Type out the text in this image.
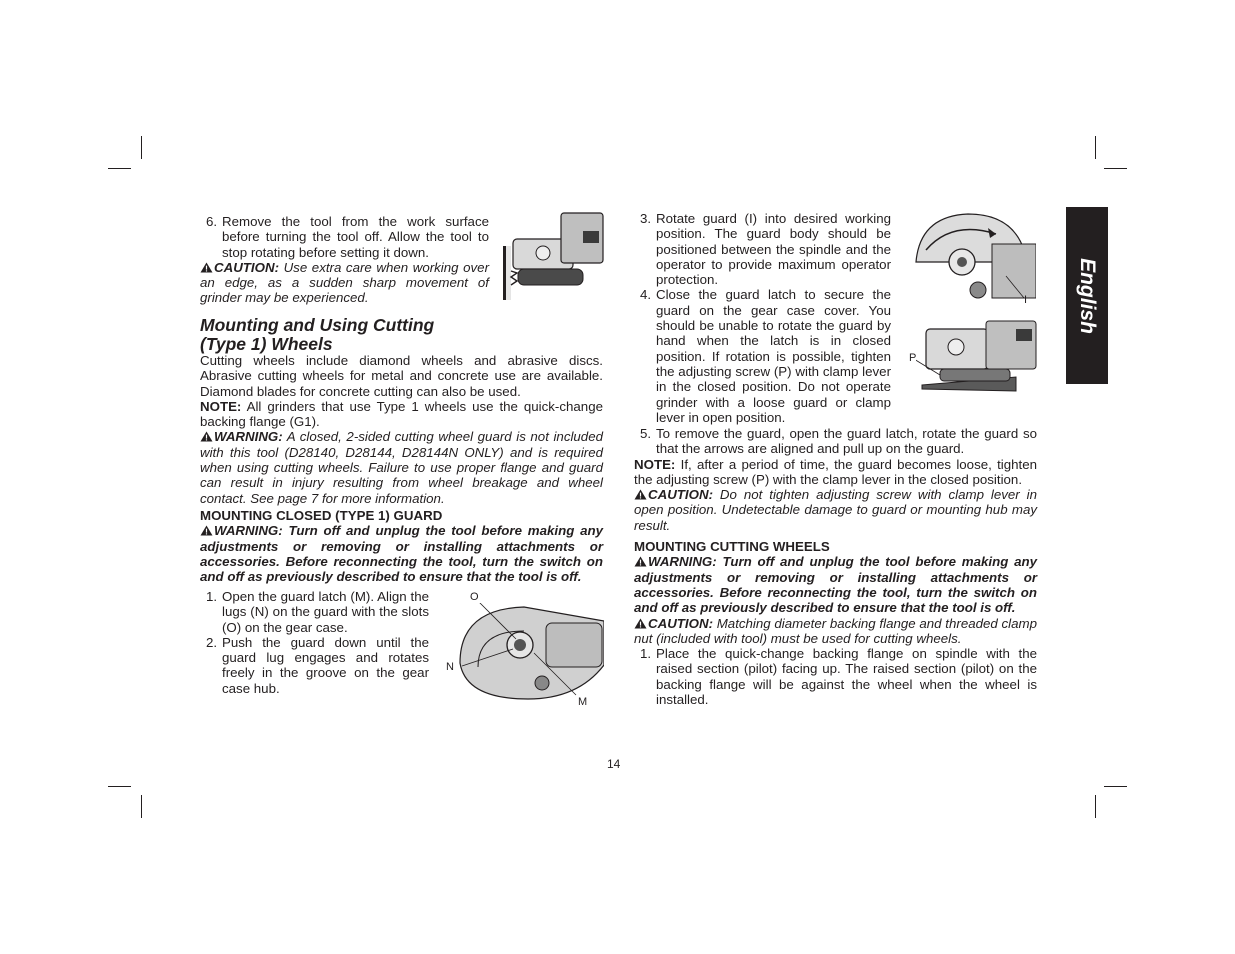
English

6. Remove the tool from the work surface before turning the tool off. Allow the tool to stop rotating before setting it down.

CAUTION: Use extra care when working over an edge, as a sudden sharp movement of grinder may be experienced.

Mounting and Using Cutting
(Type 1) Wheels

Cutting wheels include diamond wheels and abrasive discs. Abrasive cutting wheels for metal and concrete use are available. Diamond blades for concrete cutting can also be used.

NOTE: All grinders that use Type 1 wheels use the quick-change backing flange (G1).

WARNING: A closed, 2-sided cutting wheel guard is not included with this tool (D28140, D28144, D28144N ONLY) and is required when using cutting wheels. Failure to use proper flange and guard can result in injury resulting from wheel breakage and wheel contact. See page 7 for more information.

MOUNTING CLOSED (TYPE 1) GUARD

WARNING: Turn off and unplug the tool before making any adjustments or removing or installing attachments or accessories. Before reconnecting the tool, turn the switch on and off as previously described to ensure that the tool is off.

1. Open the guard latch (M). Align the lugs (N) on the guard with the slots (O) on the gear case.

2. Push the guard down until the guard lug engages and rotates freely in the groove on the gear case hub.

O
N
M

3. Rotate guard (I) into desired working position. The guard body should be positioned between the spindle and the operator to provide maximum operator protection.

4. Close the guard latch to secure the guard on the gear case cover. You should be unable to rotate the guard by hand when the latch is in closed position. If rotation is possible, tighten the adjusting screw (P) with clamp lever in the closed position. Do not operate grinder with a loose guard or clamp lever in open position.

I
P

5. To remove the guard, open the guard latch, rotate the guard so that the arrows are aligned and pull up on the guard.

NOTE: If, after a period of time, the guard becomes loose, tighten the adjusting screw (P) with the clamp lever in the closed position.

CAUTION: Do not tighten adjusting screw with clamp lever in open position. Undetectable damage to guard or mounting hub may result.

MOUNTING CUTTING WHEELS

WARNING: Turn off and unplug the tool before making any adjustments or removing or installing attachments or accessories. Before reconnecting the tool, turn the switch on and off as previously described to ensure that the tool is off.

CAUTION: Matching diameter backing flange and threaded clamp nut (included with tool) must be used for cutting wheels.

1. Place the quick-change backing flange on spindle with the raised section (pilot) facing up. The raised section (pilot) on the backing flange will be against the wheel when the wheel is installed.

14
